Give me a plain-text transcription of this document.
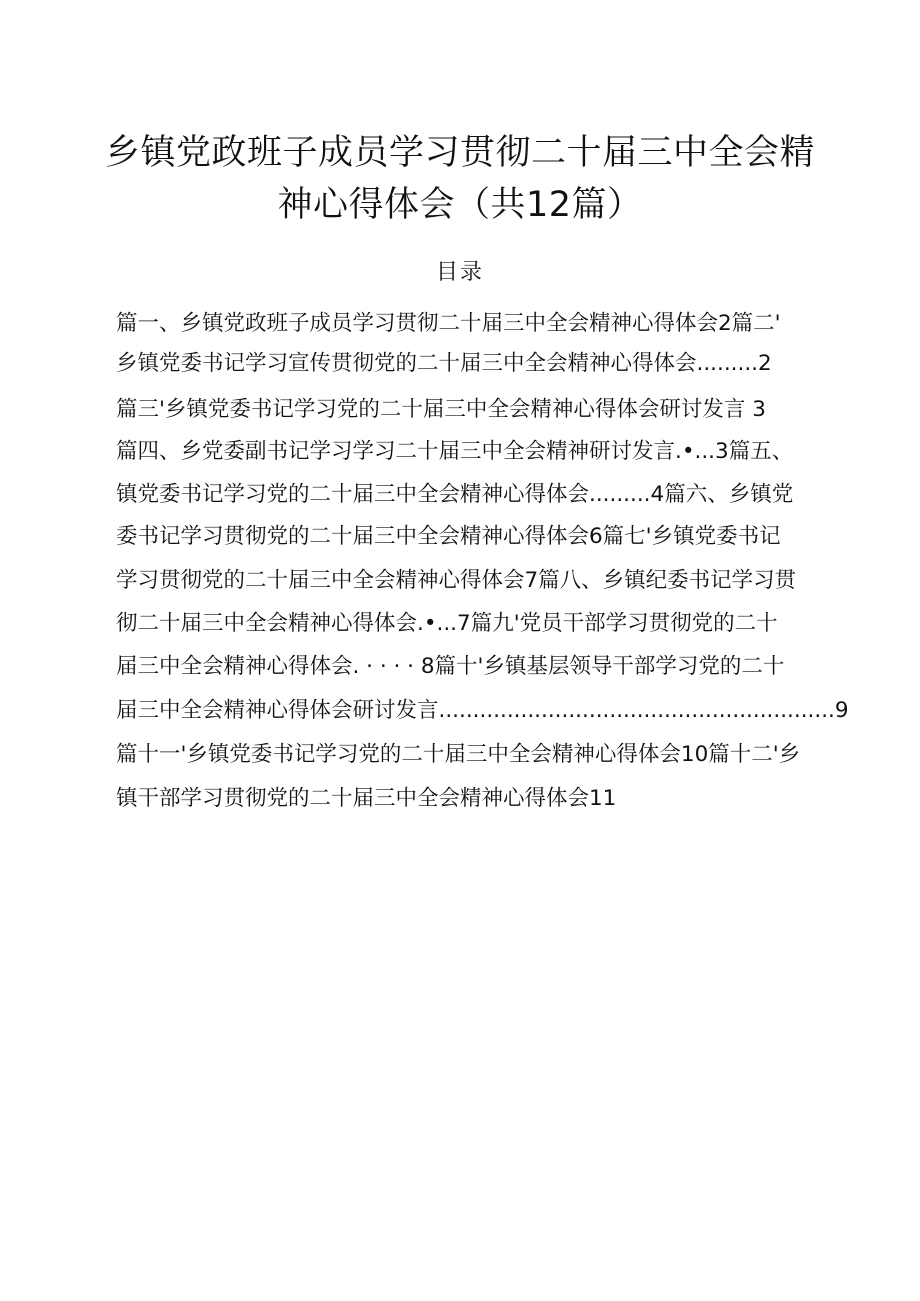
乡镇党政班子成员学习贯彻二十届三中全会精
神心得体会（共12篇）
目录
篇一、乡镇党政班子成员学习贯彻二十届三中全会精神心得体会2篇二'
乡镇党委书记学习宣传贯彻党的二十届三中全会精神心得体会.........2
篇三'乡镇党委书记学习党的二十届三中全会精神心得体会研讨发言 3
篇四、乡党委副书记学习学习二十届三中全会精神研讨发言.•...3篇五、
镇党委书记学习党的二十届三中全会精神心得体会.........4篇六、乡镇党
委书记学习贯彻党的二十届三中全会精神心得体会6篇七'乡镇党委书记
学习贯彻党的二十届三中全会精神心得体会7篇八、乡镇纪委书记学习贯
彻二十届三中全会精神心得体会.•...7篇九'党员干部学习贯彻党的二十
届三中全会精神心得体会. · · · · 8篇十'乡镇基层领导干部学习党的二十
届三中全会精神心得体会研讨发言..........................................................9
篇十一'乡镇党委书记学习党的二十届三中全会精神心得体会10篇十二'乡
镇干部学习贯彻党的二十届三中全会精神心得体会11
